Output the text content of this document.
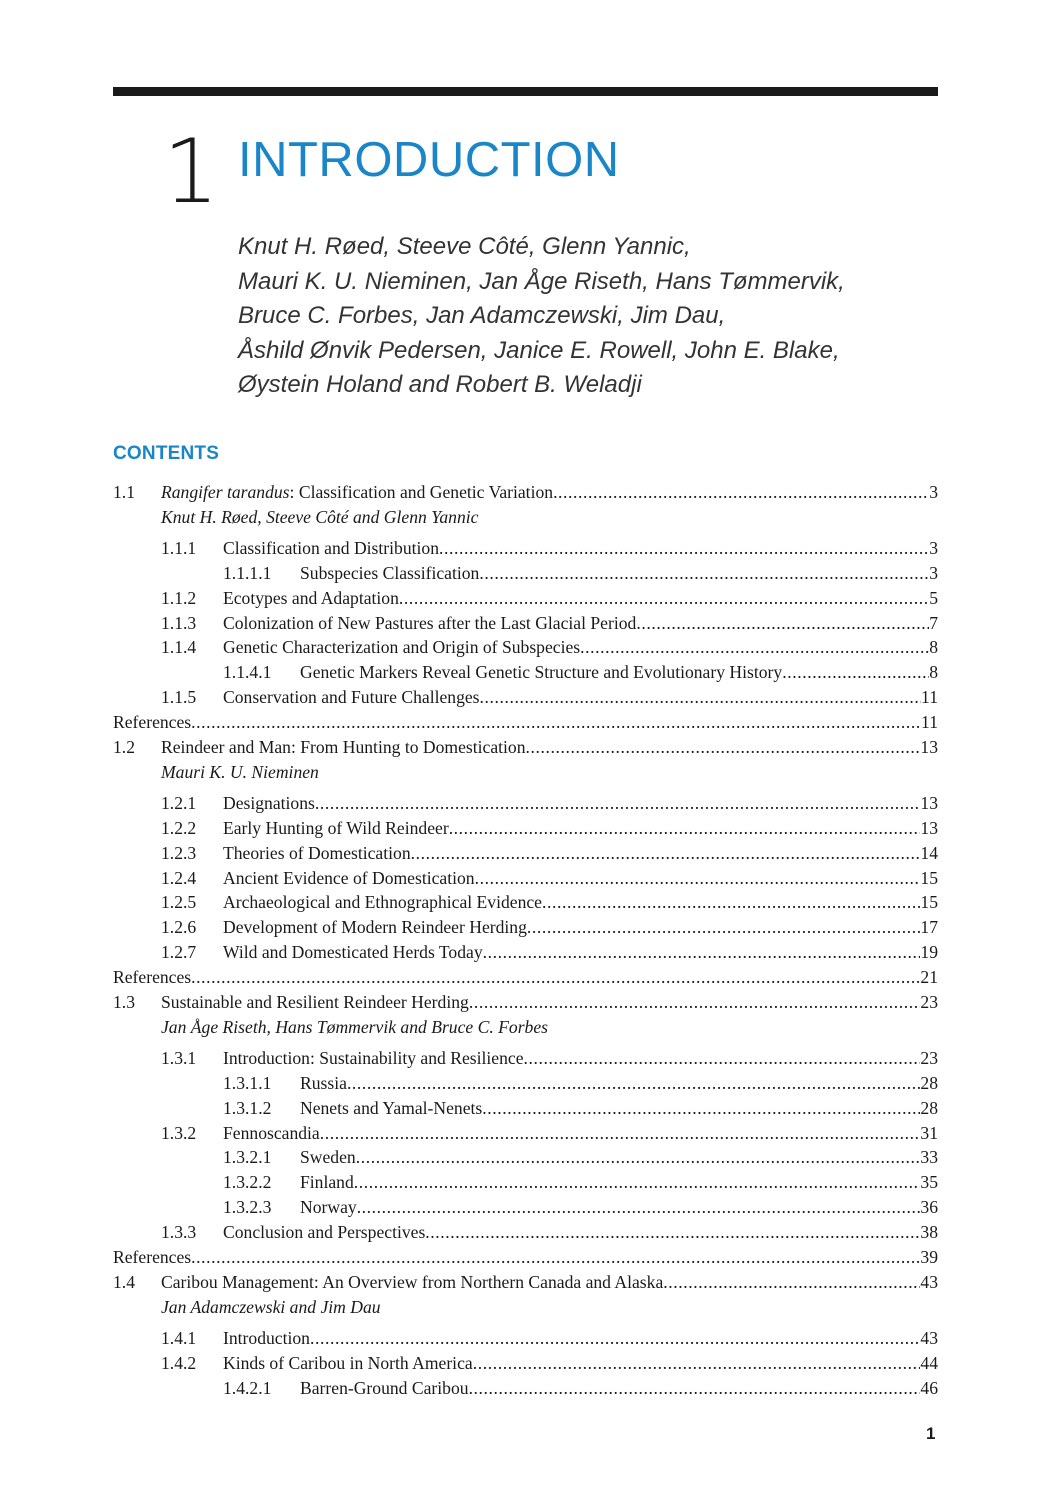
1 INTRODUCTION
Knut H. Røed, Steeve Côté, Glenn Yannic,
Mauri K. U. Nieminen, Jan Åge Riseth, Hans Tømmervik,
Bruce C. Forbes, Jan Adamczewski, Jim Dau,
Åshild Ønvik Pedersen, Janice E. Rowell, John E. Blake,
Øystein Holand and Robert B. Weladji
CONTENTS
1.1 Rangifer tarandus: Classification and Genetic Variation .....	3
Knut H. Røed, Steeve Côté and Glenn Yannic
1.1.1 Classification and Distribution .....	3
1.1.1.1 Subspecies Classification .....	3
1.1.2 Ecotypes and Adaptation .....	5
1.1.3 Colonization of New Pastures after the Last Glacial Period .....	7
1.1.4 Genetic Characterization and Origin of Subspecies .....	8
1.1.4.1 Genetic Markers Reveal Genetic Structure and Evolutionary History .....	8
1.1.5 Conservation and Future Challenges .....	11
References .....	11
1.2 Reindeer and Man: From Hunting to Domestication .....	13
Mauri K. U. Nieminen
1.2.1 Designations .....	13
1.2.2 Early Hunting of Wild Reindeer .....	13
1.2.3 Theories of Domestication .....	14
1.2.4 Ancient Evidence of Domestication .....	15
1.2.5 Archaeological and Ethnographical Evidence .....	15
1.2.6 Development of Modern Reindeer Herding .....	17
1.2.7 Wild and Domesticated Herds Today .....	19
References .....	21
1.3 Sustainable and Resilient Reindeer Herding .....	23
Jan Åge Riseth, Hans Tømmervik and Bruce C. Forbes
1.3.1 Introduction: Sustainability and Resilience .....	23
1.3.1.1 Russia .....	28
1.3.1.2 Nenets and Yamal-Nenets .....	28
1.3.2 Fennoscandia .....	31
1.3.2.1 Sweden .....	33
1.3.2.2 Finland .....	35
1.3.2.3 Norway .....	36
1.3.3 Conclusion and Perspectives .....	38
References .....	39
1.4 Caribou Management: An Overview from Northern Canada and Alaska .....	43
Jan Adamczewski and Jim Dau
1.4.1 Introduction .....	43
1.4.2 Kinds of Caribou in North America .....	44
1.4.2.1 Barren-Ground Caribou .....	46
1
